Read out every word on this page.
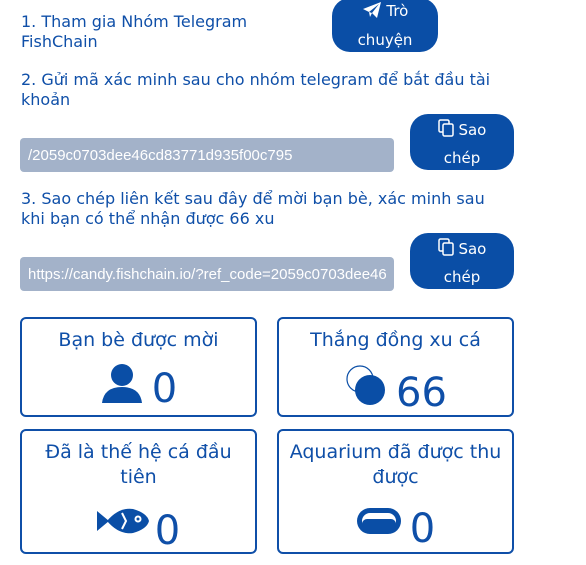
1. Tham gia Nhóm Telegram FishChain
Trò
chuyện
2. Gửi mã xác minh sau cho nhóm telegram để bắt đầu tài khoản
/2059c0703dee46cd83771d935f00c795
Sao
chép
3. Sao chép liên kết sau đây để mời bạn bè, xác minh sau khi bạn có thể nhận được 66 xu
https://candy.fishchain.io/?ref_code=2059c0703dee46cd83771d935f00c795
Sao
chép
Bạn bè được mời
0
Thắng đồng xu cá
66
Đã là thế hệ cá đầu tiên
0
Aquarium đã được thu được
0
